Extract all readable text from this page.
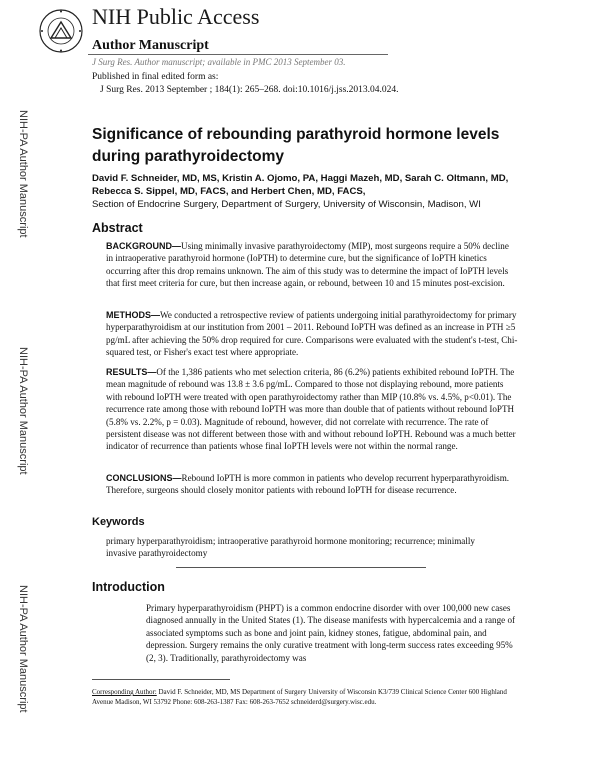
NIH Public Access
Author Manuscript
J Surg Res. Author manuscript; available in PMC 2013 September 03.
Published in final edited form as:
J Surg Res. 2013 September ; 184(1): 265–268. doi:10.1016/j.jss.2013.04.024.
NIH-PA Author Manuscript
NIH-PA Author Manuscript
NIH-PA Author Manuscript
Significance of rebounding parathyroid hormone levels during parathyroidectomy
David F. Schneider, MD, MS, Kristin A. Ojomo, PA, Haggi Mazeh, MD, Sarah C. Oltmann, MD, Rebecca S. Sippel, MD, FACS, and Herbert Chen, MD, FACS,
Section of Endocrine Surgery, Department of Surgery, University of Wisconsin, Madison, WI
Abstract
BACKGROUND—Using minimally invasive parathyroidectomy (MIP), most surgeons require a 50% decline in intraoperative parathyroid hormone (IoPTH) to determine cure, but the significance of IoPTH kinetics occurring after this drop remains unknown. The aim of this study was to determine the impact of IoPTH levels that first meet criteria for cure, but then increase again, or rebound, between 10 and 15 minutes post-excision.
METHODS—We conducted a retrospective review of patients undergoing initial parathyroidectomy for primary hyperparathyroidism at our institution from 2001 – 2011. Rebound IoPTH was defined as an increase in PTH ≥5 pg/mL after achieving the 50% drop required for cure. Comparisons were evaluated with the student's t-test, Chi-squared test, or Fisher's exact test where appropriate.
RESULTS—Of the 1,386 patients who met selection criteria, 86 (6.2%) patients exhibited rebound IoPTH. The mean magnitude of rebound was 13.8 ± 3.6 pg/mL. Compared to those not displaying rebound, more patients with rebound IoPTH were treated with open parathyroidectomy rather than MIP (10.8% vs. 4.5%, p<0.01). The recurrence rate among those with rebound IoPTH was more than double that of patients without rebound IoPTH (5.8% vs. 2.2%, p = 0.03). Magnitude of rebound, however, did not correlate with recurrence. The rate of persistent disease was not different between those with and without rebound IoPTH. Rebound was a much better indicator of recurrence than patients whose final IoPTH levels were not within the normal range.
CONCLUSIONS—Rebound IoPTH is more common in patients who develop recurrent hyperparathyroidism. Therefore, surgeons should closely monitor patients with rebound IoPTH for disease recurrence.
Keywords
primary hyperparathyroidism; intraoperative parathyroid hormone monitoring; recurrence; minimally invasive parathyroidectomy
Introduction
Primary hyperparathyroidism (PHPT) is a common endocrine disorder with over 100,000 new cases diagnosed annually in the United States (1). The disease manifests with hypercalcemia and a range of associated symptoms such as bone and joint pain, kidney stones, fatigue, abdominal pain, and depression. Surgery remains the only curative treatment with long-term success rates exceeding 95% (2, 3). Traditionally, parathyroidectomy was
Corresponding Author: David F. Schneider, MD, MS Department of Surgery University of Wisconsin K3/739 Clinical Science Center 600 Highland Avenue Madison, WI 53792 Phone: 608-263-1387 Fax: 608-263-7652 schneiderd@surgery.wisc.edu.
